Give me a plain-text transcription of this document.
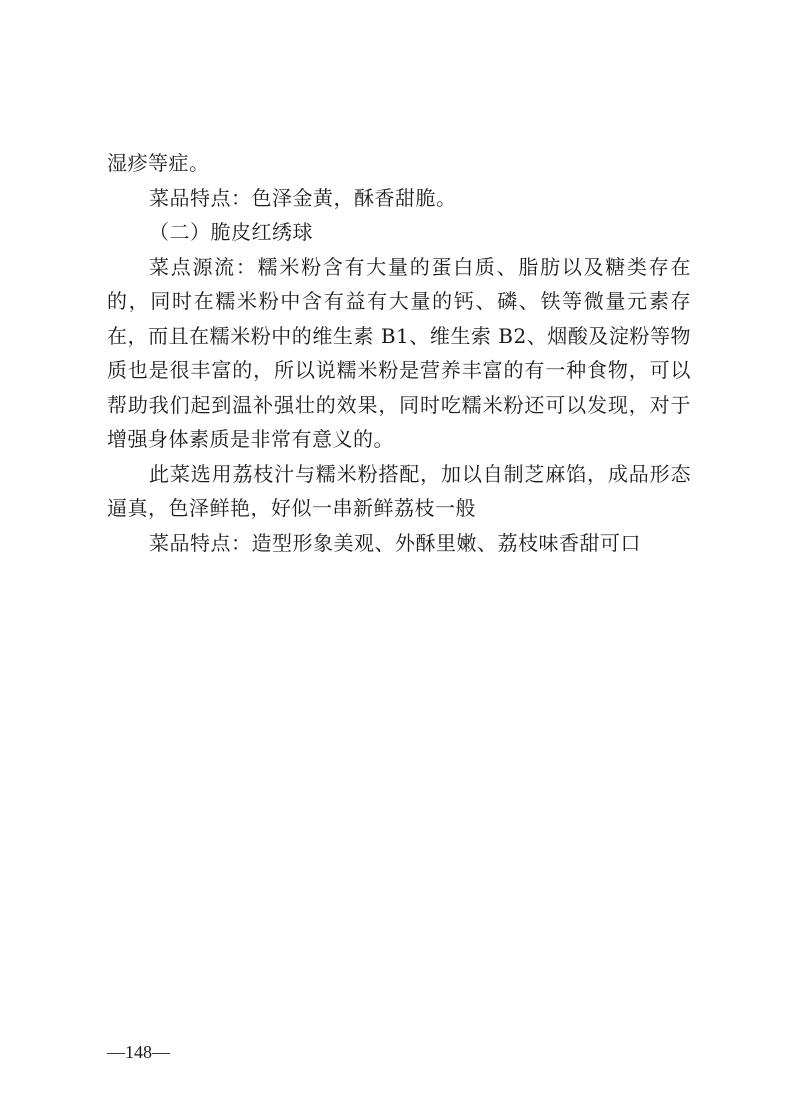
湿疹等症。

菜品特点：色泽金黄，酥香甜脆。

（二）脆皮红绣球

菜点源流：糯米粉含有大量的蛋白质、脂肪以及糖类存在的，同时在糯米粉中含有益有大量的钙、磷、铁等微量元素存在，而且在糯米粉中的维生素 B1、维生索 B2、烟酸及淀粉等物质也是很丰富的，所以说糯米粉是营养丰富的有一种食物，可以帮助我们起到温补强壮的效果，同时吃糯米粉还可以发现，对于增强身体素质是非常有意义的。

此菜选用荔枝汁与糯米粉搭配，加以自制芝麻馅，成品形态逼真，色泽鲜艳，好似一串新鲜荔枝一般

菜品特点：造型形象美观、外酥里嫩、荔枝味香甜可口

—148—
